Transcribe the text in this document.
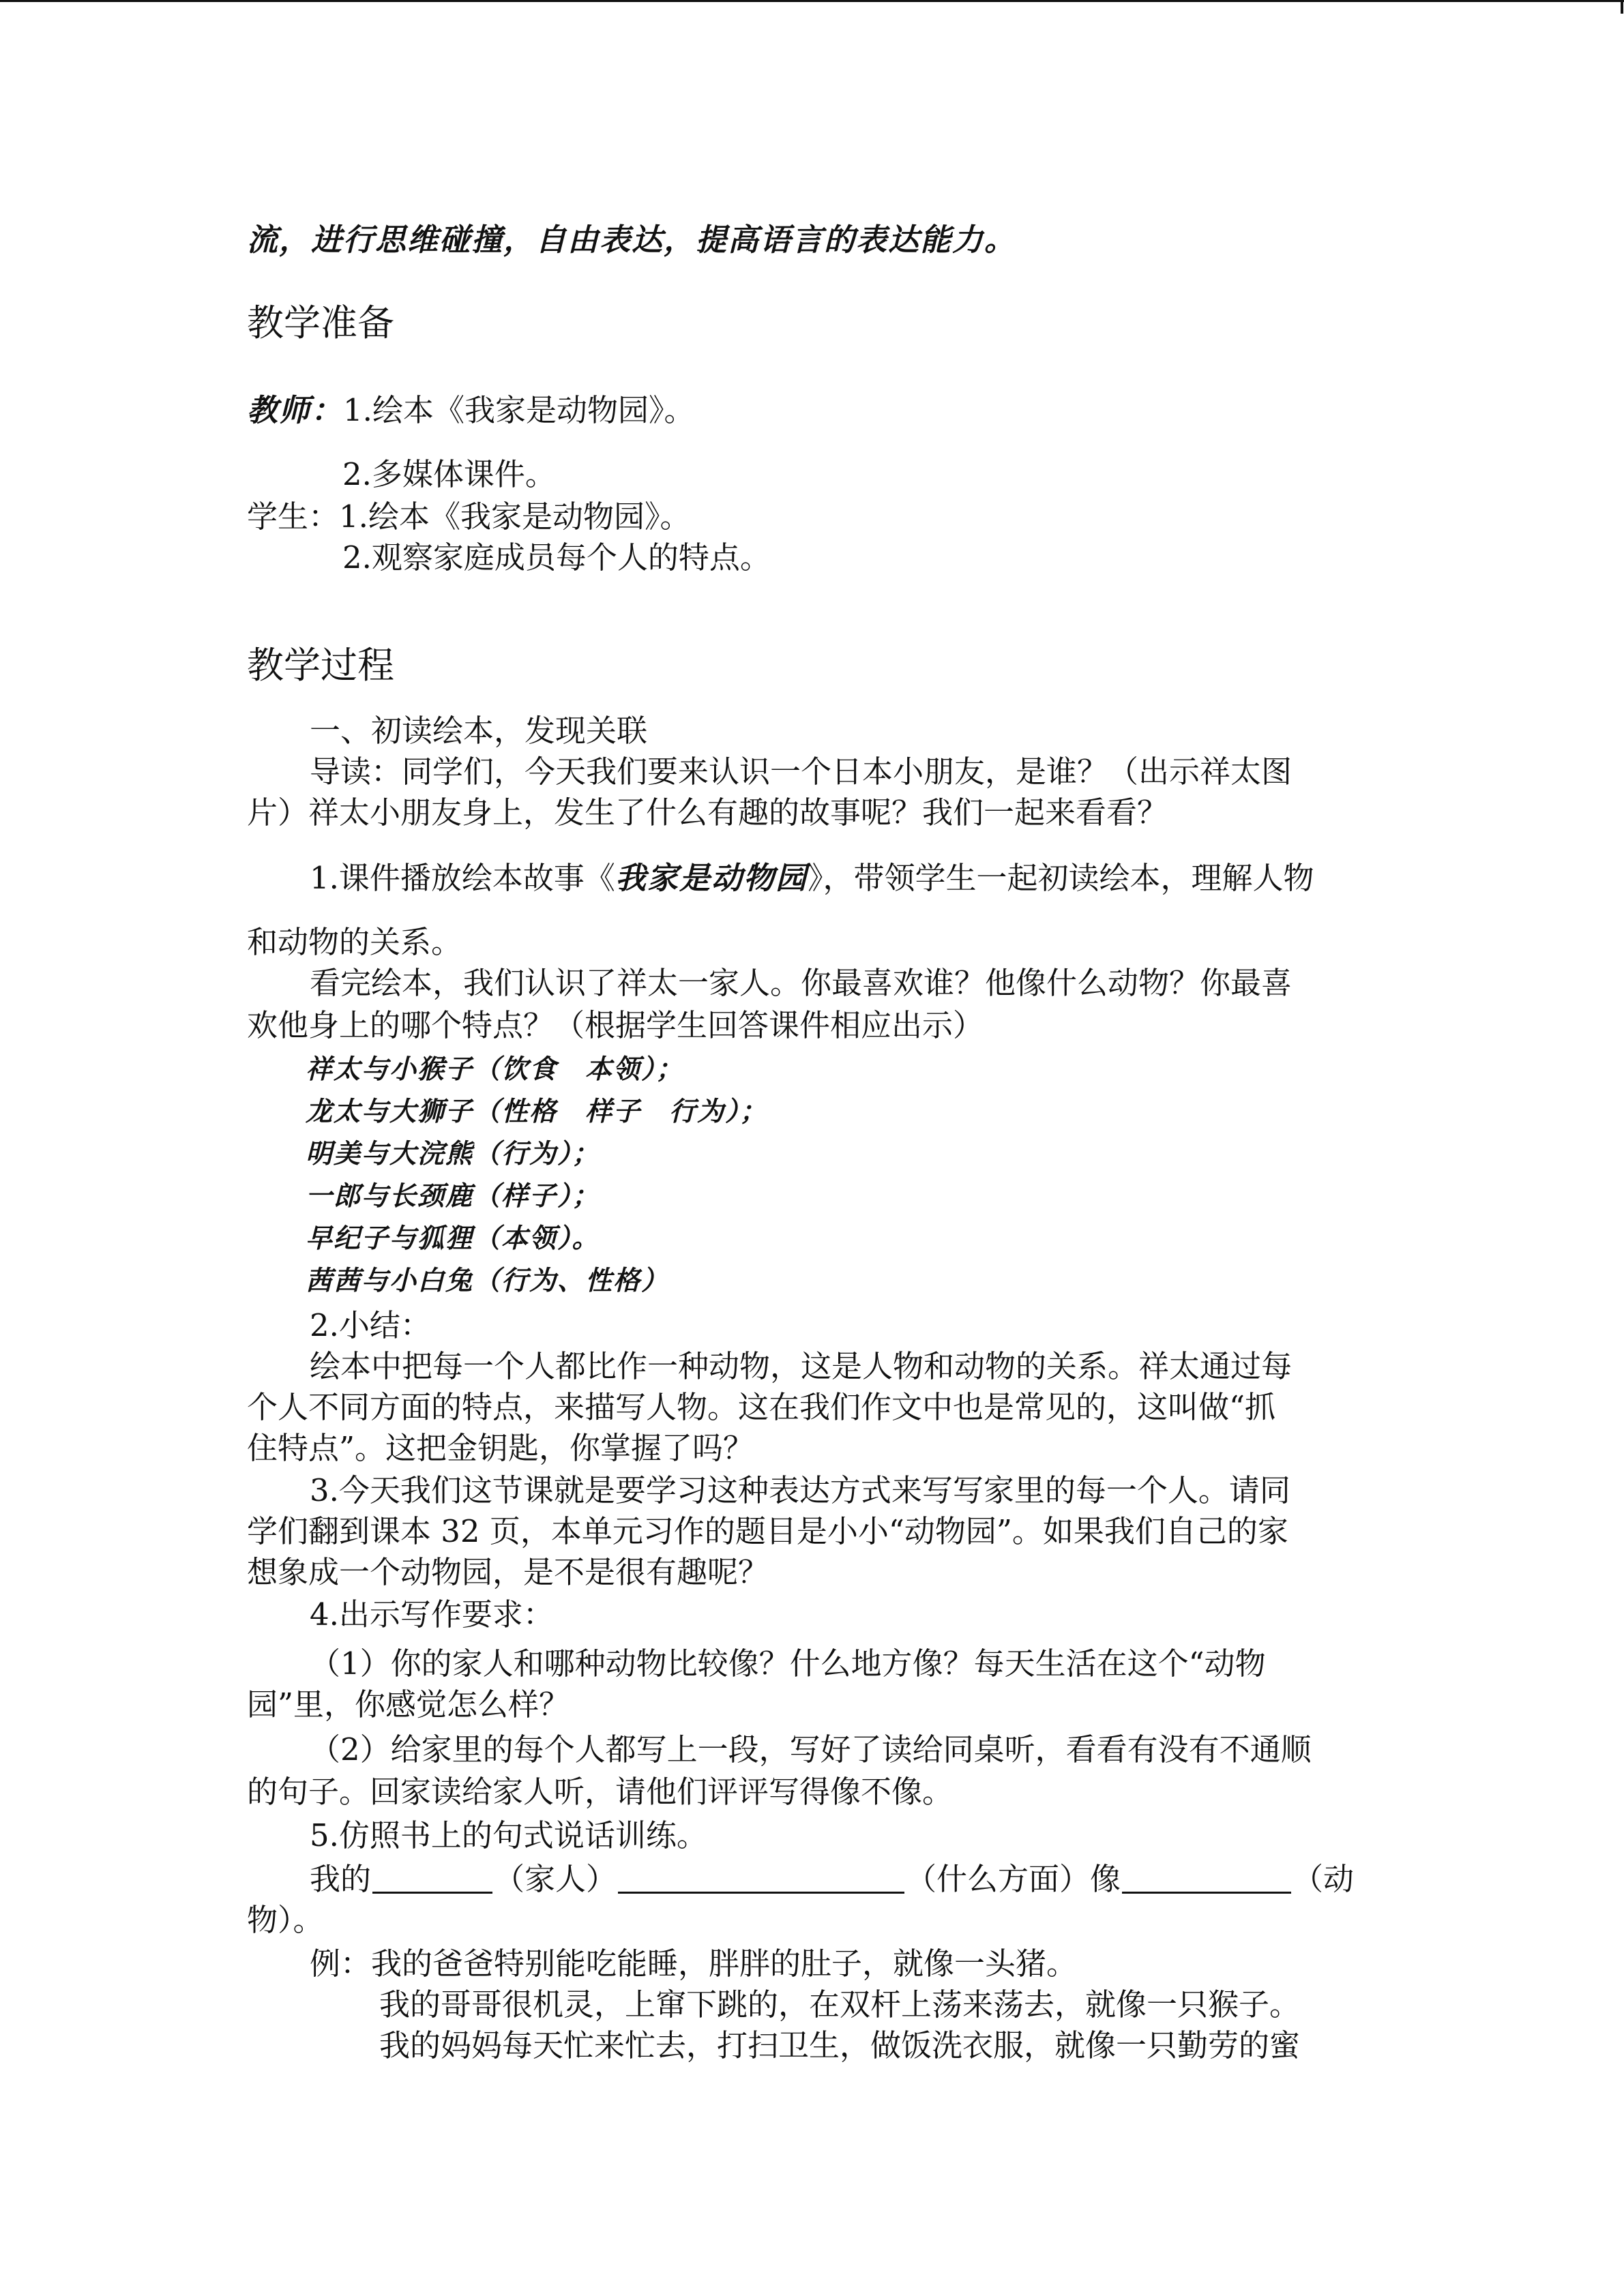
流，进行思维碰撞，自由表达，提高语言的表达能力。

教学准备

教师：1.绘本《我家是动物园》。

2.多媒体课件。

学生：1.绘本《我家是动物园》。

2.观察家庭成员每个人的特点。

教学过程

一、初读绘本，发现关联

导读：同学们，今天我们要来认识一个日本小朋友，是谁？（出示祥太图

片）祥太小朋友身上，发生了什么有趣的故事呢？我们一起来看看？

1.课件播放绘本故事《我家是动物园》，带领学生一起初读绘本，理解人物

和动物的关系。

看完绘本，我们认识了祥太一家人。你最喜欢谁？他像什么动物？你最喜

欢他身上的哪个特点？（根据学生回答课件相应出示）

祥太与小猴子（饮食　本领）；

龙太与大狮子（性格　样子　行为）；

明美与大浣熊（行为）；

一郎与长颈鹿（样子）；

早纪子与狐狸（本领）。

茜茜与小白兔（行为、性格）

2.小结：

绘本中把每一个人都比作一种动物，这是人物和动物的关系。祥太通过每

个人不同方面的特点，来描写人物。这在我们作文中也是常见的，这叫做“抓

住特点”。这把金钥匙，你掌握了吗？

3.今天我们这节课就是要学习这种表达方式来写写家里的每一个人。请同

学们翻到课本 32 页，本单元习作的题目是小小“动物园”。如果我们自己的家

想象成一个动物园，是不是很有趣呢？

4.出示写作要求：

（1）你的家人和哪种动物比较像？什么地方像？每天生活在这个“动物

园”里，你感觉怎么样？

（2）给家里的每个人都写上一段，写好了读给同桌听，看看有没有不通顺

的句子。回家读给家人听，请他们评评写得像不像。

5.仿照书上的句式说话训练。

我的	（家人）	（什么方面）像	（动

物）。

例：我的爸爸特别能吃能睡，胖胖的肚子，就像一头猪。

我的哥哥很机灵，上窜下跳的，在双杆上荡来荡去，就像一只猴子。

我的妈妈每天忙来忙去，打扫卫生，做饭洗衣服，就像一只勤劳的蜜
